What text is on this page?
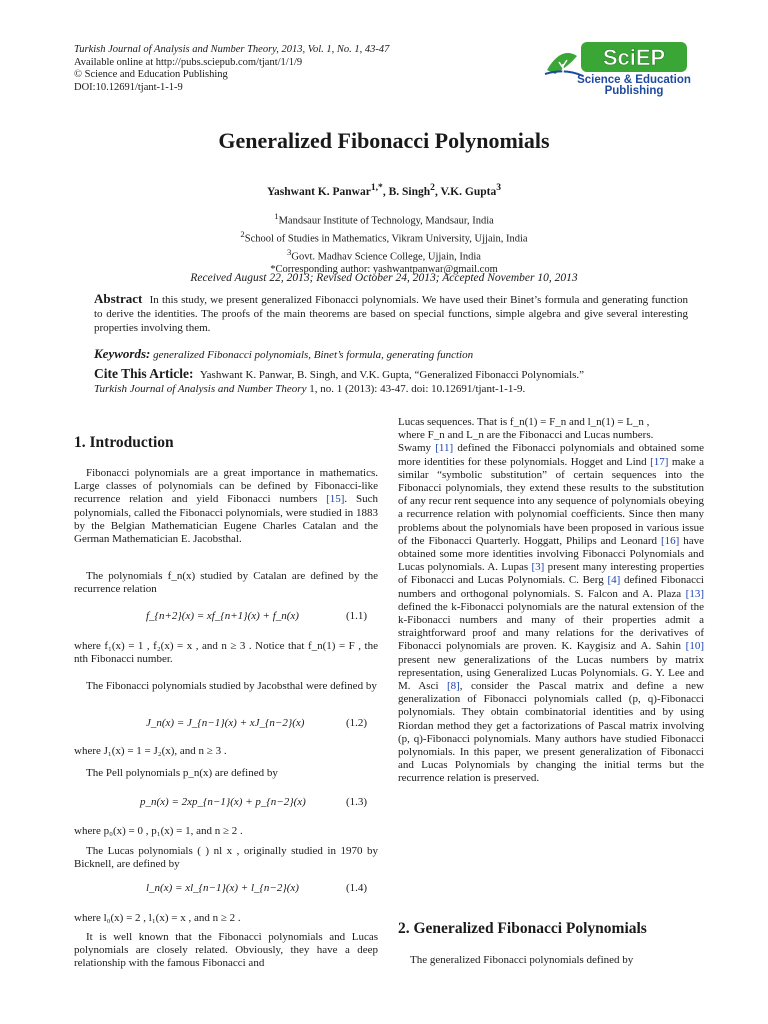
Turkish Journal of Analysis and Number Theory, 2013, Vol. 1, No. 1, 43-47
Available online at http://pubs.sciepub.com/tjant/1/1/9
© Science and Education Publishing
DOI:10.12691/tjant-1-1-9
SciEP
Science & Education
Publishing
Generalized Fibonacci Polynomials
Yashwant K. Panwar$^{1,*}$, B. Singh$^2$, V.K. Gupta$^3$
$^1$Mandsaur Institute of Technology, Mandsaur, India
$^2$School of Studies in Mathematics, Vikram University, Ujjain, India
$^3$Govt. Madhav Science College, Ujjain, India
*Corresponding author: yashwantpanwar@gmail.com
Received August 22, 2013; Revised October 24, 2013; Accepted November 10, 2013
Abstract In this study, we present generalized Fibonacci polynomials. We have used their Binet’s formula and generating function to derive the identities. The proofs of the main theorems are based on special functions, simple algebra and give several interesting properties involving them.
Keywords: generalized Fibonacci polynomials, Binet’s formula, generating function
Cite This Article: Yashwant K. Panwar, B. Singh, and V.K. Gupta, “Generalized Fibonacci Polynomials.”
Turkish Journal of Analysis and Number Theory 1, no. 1 (2013): 43-47. doi: 10.12691/tjant-1-1-9.
1. Introduction

Fibonacci polynomials are a great importance in mathematics. Large classes of polynomials can be defined by Fibonacci-like recurrence relation and yield Fibonacci numbers [15]. Such polynomials, called the Fibonacci polynomials, were studied in 1883 by the Belgian Mathematician Eugene Charles Catalan and the German Mathematician E. Jacobsthal.

The polynomials f_n(x) studied by Catalan are defined by the recurrence relation

f_{n+2}(x) = xf_{n+1}(x) + f_n(x)	(1.1)

where f₁(x) = 1 , f₂(x) = x , and n ≥ 3 . Notice that f_n(1) = F , the nth Fibonacci number.

The Fibonacci polynomials studied by Jacobsthal were defined by

J_n(x) = J_{n−1}(x) + xJ_{n−2}(x)	(1.2)

where J₁(x) = 1 = J₂(x), and n ≥ 3 .

The Pell polynomials p_n(x) are defined by

p_n(x) = 2xp_{n−1}(x) + p_{n−2}(x)	(1.3)

where p₀(x) = 0 , p₁(x) = 1, and n ≥ 2 .

The Lucas polynomials ( ) nl x , originally studied in 1970 by Bicknell, are defined by

l_n(x) = xl_{n−1}(x) + l_{n−2}(x)	(1.4)

where l₀(x) = 2 , l₁(x) = x , and n ≥ 2 .

It is well known that the Fibonacci polynomials and Lucas polynomials are closely related. Obviously, they have a deep relationship with the famous Fibonacci and

Lucas sequences. That is f_n(1) = F_n and l_n(1) = L_n ,

where F_n and L_n are the Fibonacci and Lucas numbers.

Swamy [11] defined the Fibonacci polynomials and obtained some more identities for these polynomials. Hogget and Lind [17] make a similar “symbolic substitution” of certain sequences into the Fibonacci polynomials, they extend these results to the substitution of any recur rent sequence into any sequence of polynomials obeying a recurrence relation with polynomial coefficients. Since then many problems about the polynomials have been proposed in various issue of the Fibonacci Quarterly. Hoggatt, Philips and Leonard [16] have obtained some more identities involving Fibonacci Polynomials and Lucas polynomials. A. Lupas [3] present many interesting properties of Fibonacci and Lucas Polynomials. C. Berg [4] defined Fibonacci numbers and orthogonal polynomials. S. Falcon and A. Plaza [13] defined the k-Fibonacci polynomials are the natural extension of the k-Fibonacci numbers and many of their properties admit a straightforward proof and many relations for the derivatives of Fibonacci polynomials are proven. K. Kaygisiz and A. Sahin [10] present new generalizations of the Lucas numbers by matrix representation, using Generalized Lucas Polynomials. G. Y. Lee and M. Asci [8], consider the Pascal matrix and define a new generalization of Fibonacci polynomials called (p, q)-Fibonacci polynomials. They obtain combinatorial identities and by using Riordan method they get a factorizations of Pascal matrix involving (p, q)-Fibonacci polynomials. Many authors have studied Fibonacci polynomials. In this paper, we present generalization of Fibonacci and Lucas Polynomials by changing the initial terms but the recurrence relation is preserved.

2. Generalized Fibonacci Polynomials

The generalized Fibonacci polynomials defined by
